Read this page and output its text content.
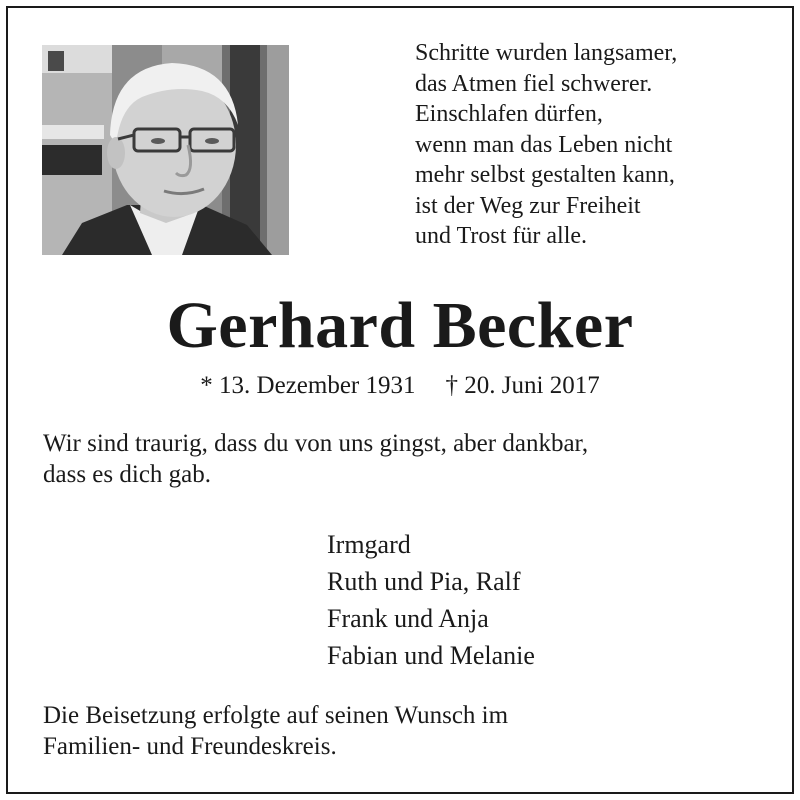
Schritte wurden langsamer,
das Atmen fiel schwerer.
Einschlafen dürfen,
wenn man das Leben nicht
mehr selbst gestalten kann,
ist der Weg zur Freiheit
und Trost für alle.
Gerhard Becker
* 13. Dezember 1931 † 20. Juni 2017
Wir sind traurig, dass du von uns gingst, aber dankbar,
dass es dich gab.
Irmgard
Ruth und Pia, Ralf
Frank und Anja
Fabian und Melanie
Die Beisetzung erfolgte auf seinen Wunsch im
Familien- und Freundeskreis.
